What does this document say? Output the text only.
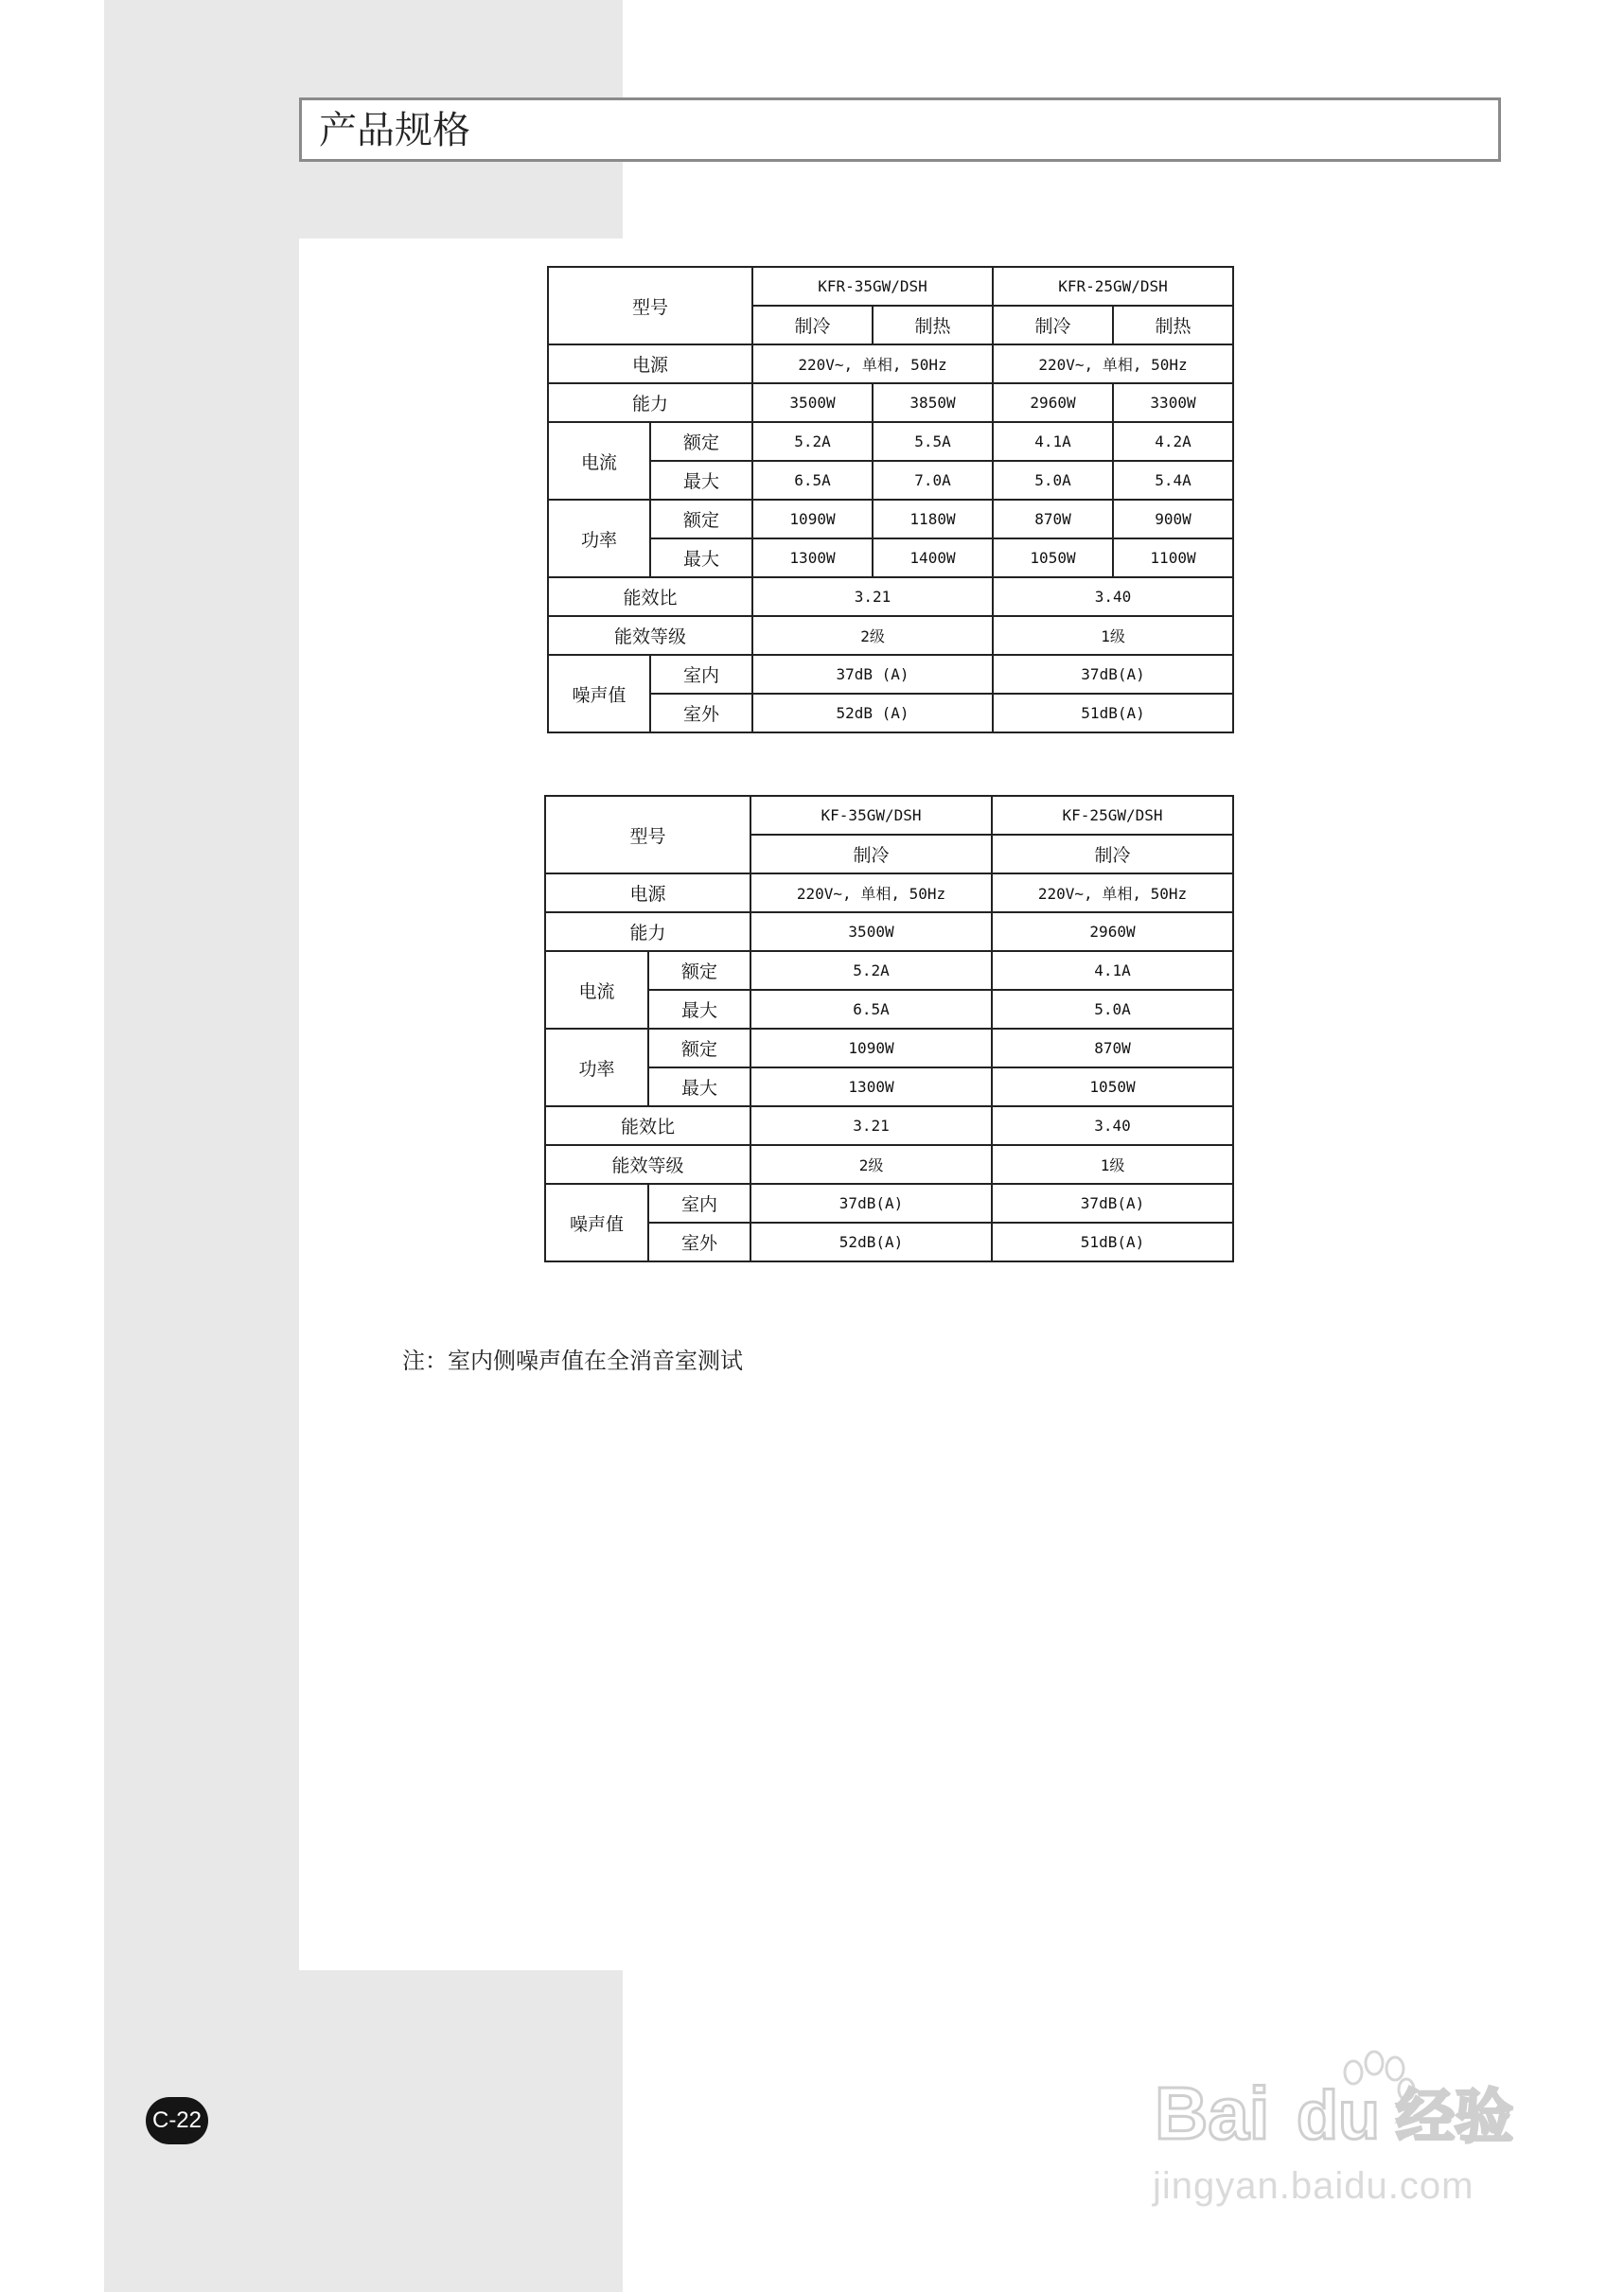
产品规格
型号		KFR-35GW/DSH		KFR-25GW/DSH	
		制冷	制热	制冷	制热
电源		220V~, 单相, 50Hz		220V~, 单相, 50Hz	
能力		3500W	3850W	2960W	3300W
电流	额定	5.2A	5.5A	4.1A	4.2A
	最大	6.5A	7.0A	5.0A	5.4A
功率	额定	1090W	1180W	870W	900W
	最大	1300W	1400W	1050W	1100W
能效比		3.21		3.40	
能效等级		2级		1级	
噪声值	室内	37dB (A)		37dB(A)	
	室外	52dB (A)		51dB(A)	
型号		KF-35GW/DSH	KF-25GW/DSH
		制冷	制冷
电源		220V~, 单相, 50Hz	220V~, 单相, 50Hz
能力		3500W	2960W
电流	额定	5.2A	4.1A
	最大	6.5A	5.0A
功率	额定	1090W	870W
	最大	1300W	1050W
能效比		3.21	3.40
能效等级		2级	1级
噪声值	室内	37dB(A)	37dB(A)
	室外	52dB(A)	51dB(A)
注：室内侧噪声值在全消音室测试
C-22	Bai du 经验
jingyan.baidu.com
